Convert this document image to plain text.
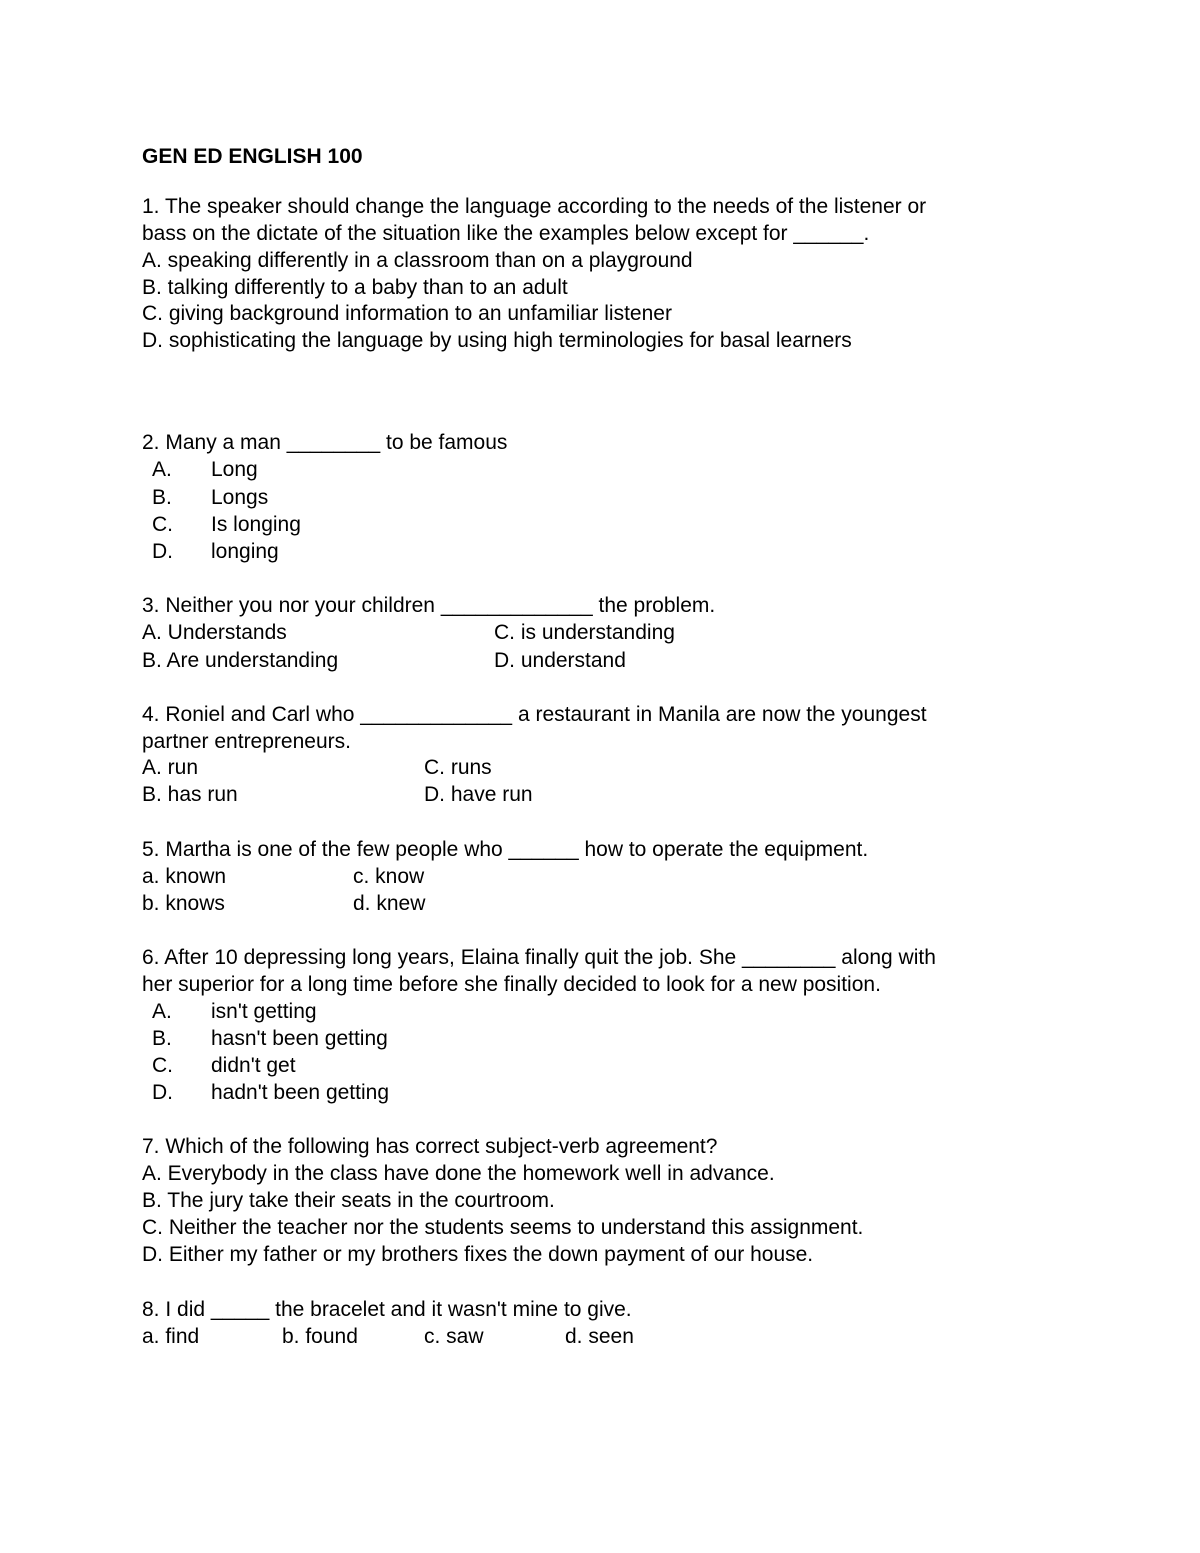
GEN ED ENGLISH 100
1. The speaker should change the language according to the needs of the listener or
bass on the dictate of the situation like the examples below except for ______.
A. speaking differently in a classroom than on a playground
B. talking differently to a baby than to an adult
C. giving background information to an unfamiliar listener
D. sophisticating the language by using high terminologies for basal learners
2. Many a man ________ to be famous
A. Long
B. Longs
C. Is longing
D. longing
3. Neither you nor your children _____________ the problem.
A. Understands	C. is understanding
B. Are understanding	D. understand
4. Roniel and Carl who _____________ a restaurant in Manila are now the youngest
partner entrepreneurs.
A. run	C. runs
B. has run	D. have run
5. Martha is one of the few people who ______ how to operate the equipment.
a. known	c. know
b. knows	d. knew
6. After 10 depressing long years, Elaina finally quit the job. She ________ along with
her superior for a long time before she finally decided to look for a new position.
A. isn't getting
B. hasn't been getting
C. didn't get
D. hadn't been getting
7. Which of the following has correct subject-verb agreement?
A. Everybody in the class have done the homework well in advance.
B. The jury take their seats in the courtroom.
C. Neither the teacher nor the students seems to understand this assignment.
D. Either my father or my brothers fixes the down payment of our house.
8. I did _____ the bracelet and it wasn't mine to give.
a. find	b. found	c. saw	d. seen
